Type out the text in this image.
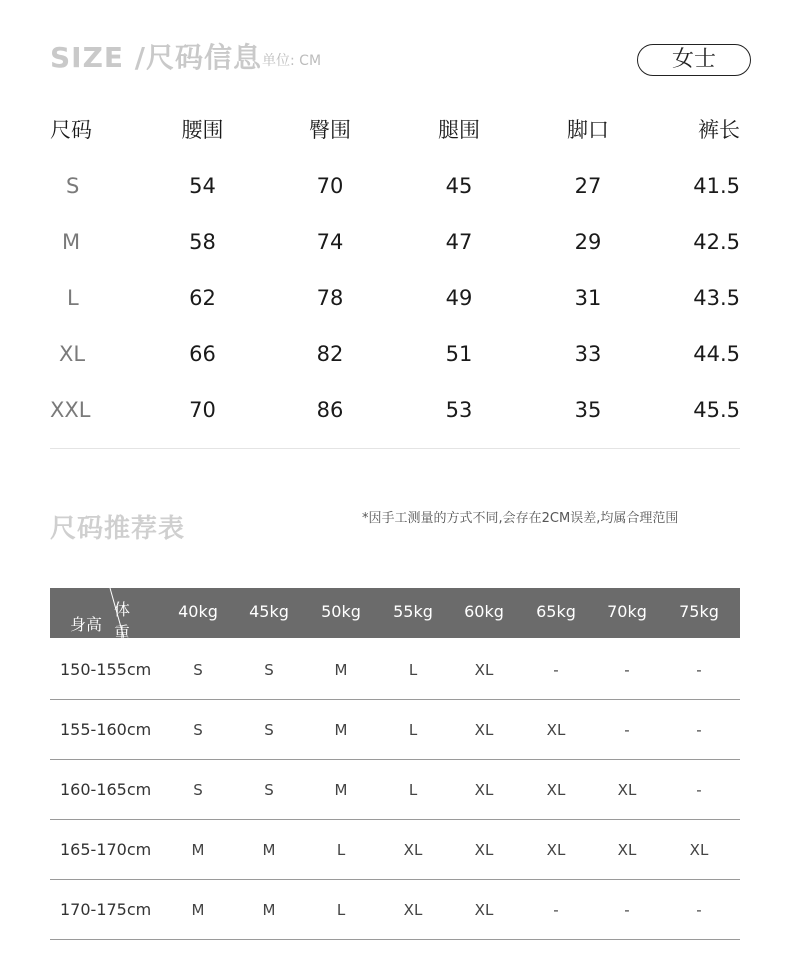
SIZE /尺码信息 单位: CM	女士
尺码	腰围	臀围	腿围	脚口	裤长
S	54	70	45	27	41.5
M	58	74	47	29	42.5
L	62	78	49	31	43.5
XL	66	82	51	33	44.5
XXL	70	86	53	35	45.5
尺码推荐表	*因手工测量的方式不同,会存在2CM误差,均属合理范围
体重
身高
40kg	45kg	50kg	55kg	60kg	65kg	70kg	75kg
150-155cm	S	S	M	L	XL	-	-	-
155-160cm	S	S	M	L	XL	XL	-	-
160-165cm	S	S	M	L	XL	XL	XL	-
165-170cm	M	M	L	XL	XL	XL	XL	XL
170-175cm	M	M	L	XL	XL	-	-	-
